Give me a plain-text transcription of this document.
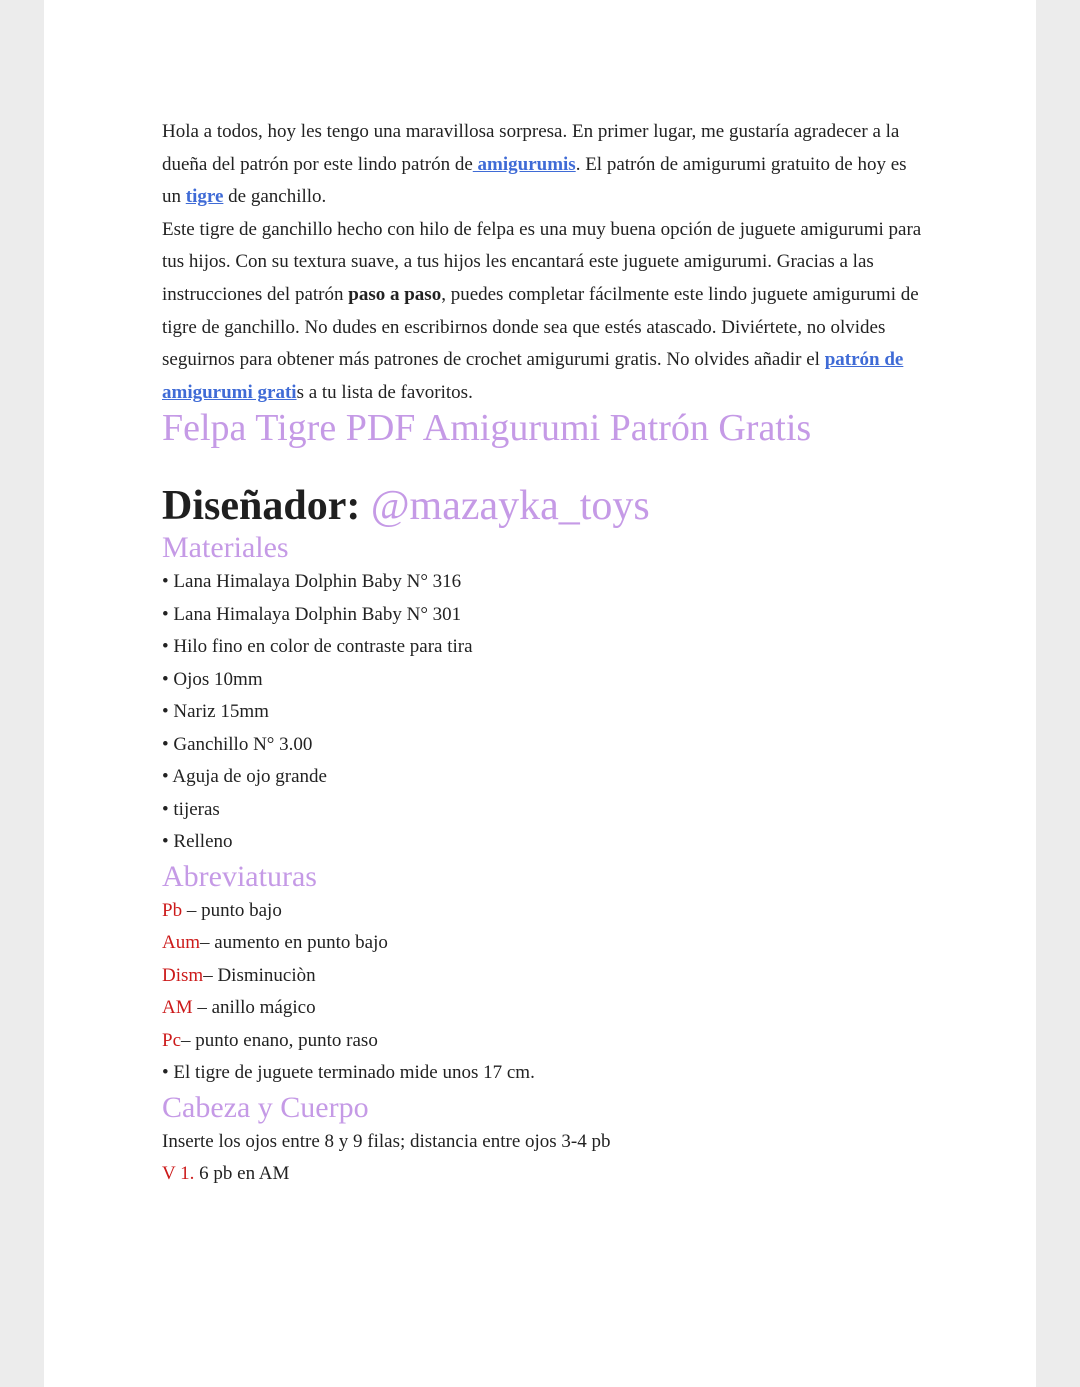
Hola a todos, hoy les tengo una maravillosa sorpresa. En primer lugar, me gustaría agradecer a la dueña del patrón por este lindo patrón de amigurumis. El patrón de amigurumi gratuito de hoy es un tigre de ganchillo.

Este tigre de ganchillo hecho con hilo de felpa es una muy buena opción de juguete amigurumi para tus hijos. Con su textura suave, a tus hijos les encantará este juguete amigurumi. Gracias a las instrucciones del patrón paso a paso, puedes completar fácilmente este lindo juguete amigurumi de tigre de ganchillo. No dudes en escribirnos donde sea que estés atascado. Diviértete, no olvides seguirnos para obtener más patrones de crochet amigurumi gratis. No olvides añadir el patrón de amigurumi gratis a tu lista de favoritos.

Felpa Tigre PDF Amigurumi Patrón Gratis
Diseñador: @mazayka_toys
Materiales
• Lana Himalaya Dolphin Baby N° 316
• Lana Himalaya Dolphin Baby N° 301
• Hilo fino en color de contraste para tira
• Ojos 10mm
• Nariz 15mm
• Ganchillo N° 3.00
• Aguja de ojo grande
• tijeras
• Relleno
Abreviaturas
Pb – punto bajo
Aum– aumento en punto bajo
Dism– Disminuciòn
AM – anillo mágico
Pc– punto enano, punto raso
• El tigre de juguete terminado mide unos 17 cm.
Cabeza y Cuerpo
Inserte los ojos entre 8 y 9 filas; distancia entre ojos 3-4 pb
V 1. 6 pb en AM
